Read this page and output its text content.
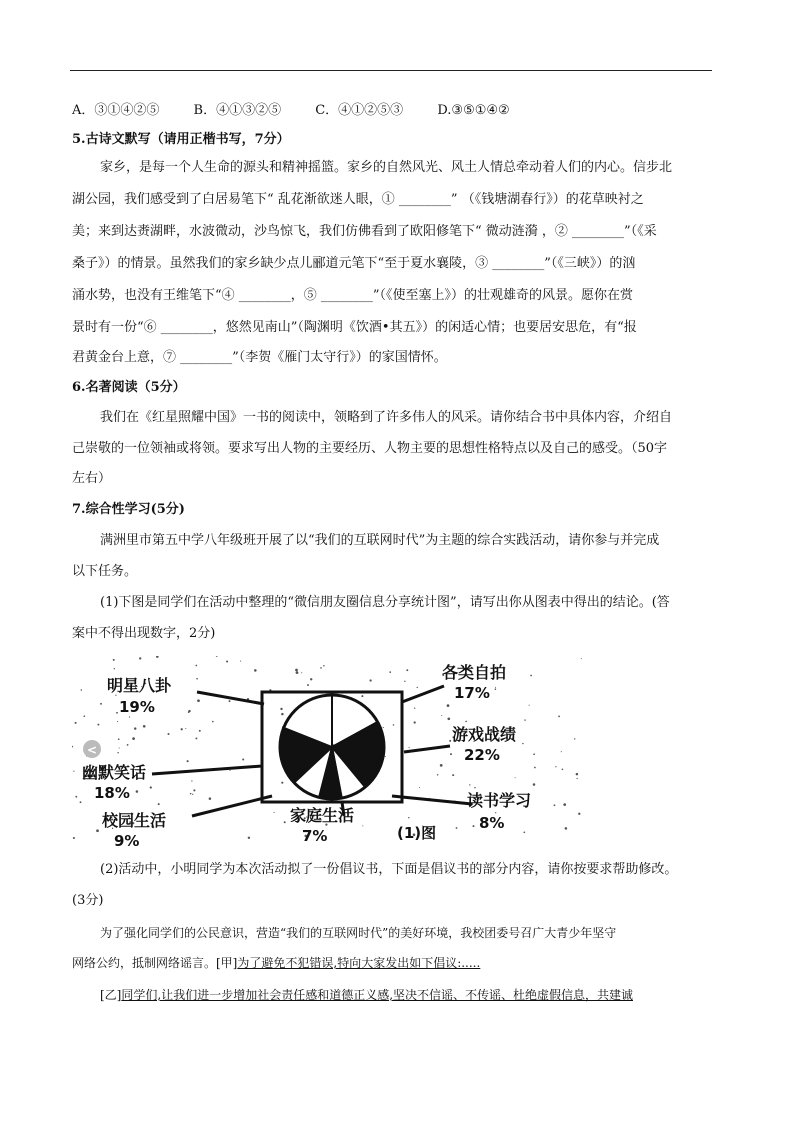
A．③①④②⑤	B．④①③②⑤	C．④①②⑤③	D.③⑤①④②
5.古诗文默写（请用正楷书写，7分）
家乡，是每一个人生命的源头和精神摇篮。家乡的自然风光、风土人情总牵动着人们的内心。信步北
湖公园，我们感受到了白居易笔下“ 乱花渐欲迷人眼，① ________” （《钱塘湖春行》）的花草映衬之
美；来到达赉湖畔，水波微动，沙鸟惊飞，我们仿佛看到了欧阳修笔下“ 微动涟漪 ，② ________”（《采
桑子》）的情景。虽然我们的家乡缺少点儿郦道元笔下“至于夏水襄陵，③ ________”（《三峡》）的汹
涌水势，也没有王维笔下“④ ________，⑤ ________”（《使至塞上》）的壮观雄奇的风景。愿你在赏
景时有一份“⑥ ________，悠然见南山”（陶渊明《饮酒•其五》）的闲适心情；也要居安思危，有“报
君黄金台上意，⑦ ________”（李贺《雁门太守行》）的家国情怀。
6.名著阅读（5分）
我们在《红星照耀中国》一书的阅读中，领略到了许多伟人的风采。请你结合书中具体内容，介绍自
己崇敬的一位领袖或将领。要求写出人物的主要经历、人物主要的思想性格特点以及自己的感受。（50字
左右）
7.综合性学习(5分)
满洲里市第五中学八年级班开展了以“我们的互联网时代”为主题的综合实践活动，请你参与并完成
以下任务。
(1)下图是同学们在活动中整理的“微信朋友圈信息分享统计图”，请写出你从图表中得出的结论。(答
案中不得出现数字，2分)
各类自拍
17%
游戏战绩
22%
读书学习
8%
家庭生活
7%
校园生活
9%
幽默笑话
18%
明星八卦
19%
(1)图
<
(2)活动中，小明同学为本次活动拟了一份倡议书，下面是倡议书的部分内容，请你按要求帮助修改。
(3分)
为了强化同学们的公民意识，营造“我们的互联网时代”的美好环境，我校团委号召广大青少年坚守
网络公约，抵制网络谣言。[甲]为了避免不犯错误,特向大家发出如下倡议:.....
[乙]同学们,让我们进一步增加社会责任感和道德正义感,坚决不信谣、不传谣、杜绝虚假信息，共建诚
